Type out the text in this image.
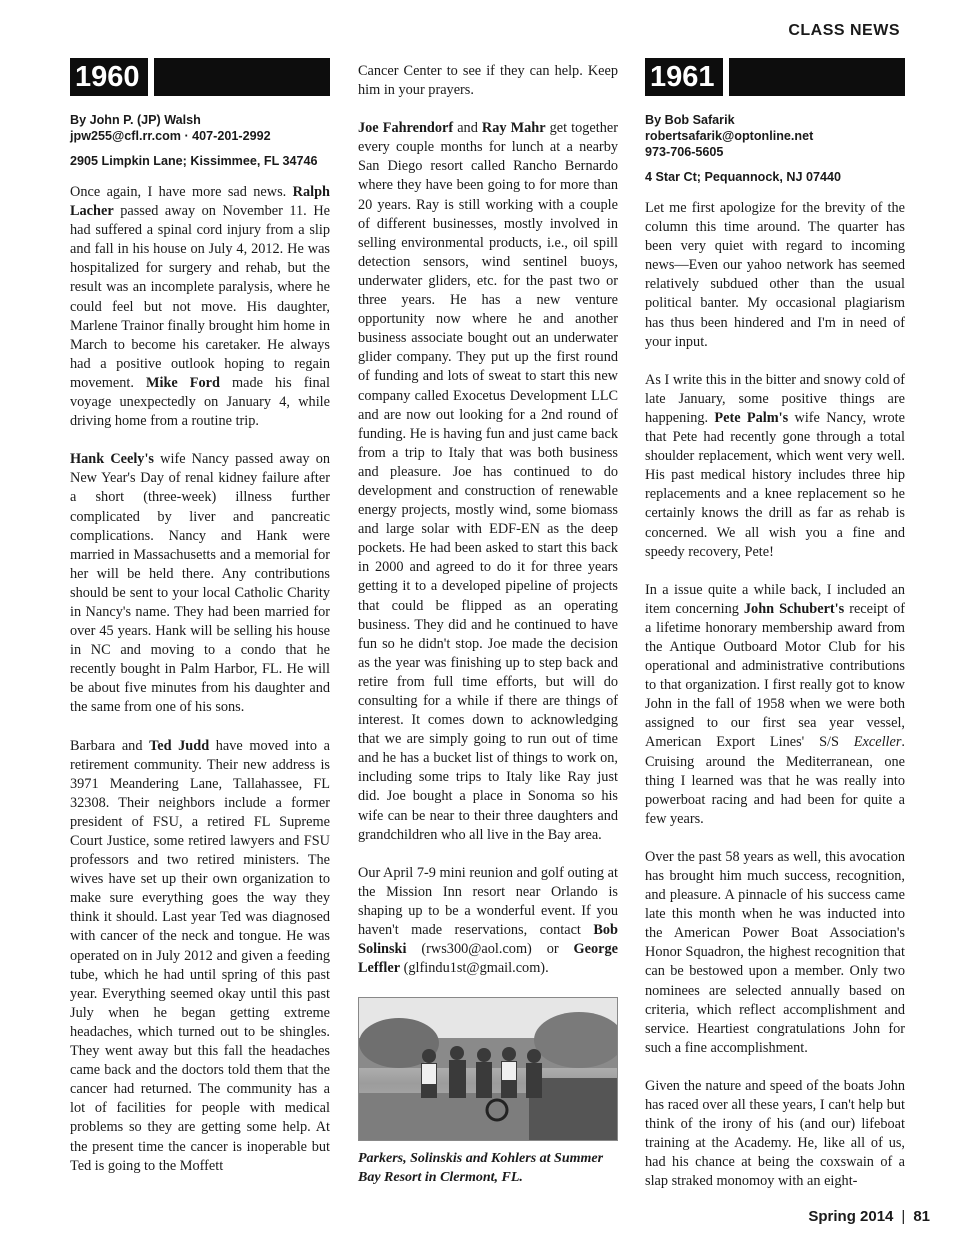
CLASS NEWS
1960
By John P. (JP) Walsh
jpw255@cfl.rr.com · 407-201-2992
2905 Limpkin Lane; Kissimmee, FL 34746

Once again, I have more sad news. Ralph Lacher passed away on November 11. He had suffered a spinal cord injury from a slip and fall in his house on July 4, 2012. He was hospitalized for surgery and rehab, but the result was an incomplete paralysis, where he could feel but not move. His daughter, Marlene Trainor finally brought him home in March to become his caretaker. He always had a positive outlook hoping to regain movement. Mike Ford made his final voyage unexpectedly on January 4, while driving home from a routine trip.

Hank Ceely's wife Nancy passed away on New Year's Day of renal kidney failure after a short (three-week) illness further complicated by liver and pancreatic complications. Nancy and Hank were married in Massachusetts and a memorial for her will be held there. Any contributions should be sent to your local Catholic Charity in Nancy's name. They had been married for over 45 years. Hank will be selling his house in NC and moving to a condo that he recently bought in Palm Harbor, FL. He will be about five minutes from his daughter and the same from one of his sons.

Barbara and Ted Judd have moved into a retirement community. Their new address is 3971 Meandering Lane, Tallahassee, FL 32308. Their neighbors include a former president of FSU, a retired FL Supreme Court Justice, some retired lawyers and FSU professors and two retired ministers. The wives have set up their own organization to make sure everything goes the way they think it should. Last year Ted was diagnosed with cancer of the neck and tongue. He was operated on in July 2012 and given a feeding tube, which he had until spring of this past year. Everything seemed okay until this past July when he began getting extreme headaches, which turned out to be shingles. They went away but this fall the headaches came back and the doctors told them that the cancer had returned. The community has a lot of facilities for people with medical problems so they are getting some help. At the present time the cancer is inoperable but Ted is going to the Moffett

Cancer Center to see if they can help. Keep him in your prayers.

Joe Fahrendorf and Ray Mahr get together every couple months for lunch at a nearby San Diego resort called Rancho Bernardo where they have been going to for more than 20 years. Ray is still working with a couple of different businesses, mostly involved in selling environmental products, i.e., oil spill detection sensors, wind sentinel buoys, underwater gliders, etc. for the past two or three years. He has a new venture opportunity now where he and another business associate bought out an underwater glider company. They put up the first round of funding and lots of sweat to start this new company called Exocetus Development LLC and are now out looking for a 2nd round of funding. He is having fun and just came back from a trip to Italy that was both business and pleasure. Joe has continued to do development and construction of renewable energy projects, mostly wind, some biomass and large solar with EDF-EN as the deep pockets. He had been asked to start this back in 2000 and agreed to do it for three years getting it to a developed pipeline of projects that could be flipped as an operating business. They did and he continued to have fun so he didn't stop. Joe made the decision as the year was finishing up to step back and retire from full time efforts, but will do consulting for a while if there are things of interest. It comes down to acknowledging that we are simply going to run out of time and he has a bucket list of things to work on, including some trips to Italy like Ray just did. Joe bought a place in Sonoma so his wife can be near to their three daughters and grandchildren who all live in the Bay area.

Our April 7-9 mini reunion and golf outing at the Mission Inn resort near Orlando is shaping up to be a wonderful event. If you haven't made reservations, contact Bob Solinski (rws300@aol.com) or George Leffler (glfindu1st@gmail.com).

Parkers, Solinskis and Kohlers at Summer Bay Resort in Clermont, FL.
1961
By Bob Safarik
robertsafarik@optonline.net
973-706-5605
4 Star Ct; Pequannock, NJ 07440

Let me first apologize for the brevity of the column this time around. The quarter has been very quiet with regard to incoming news—Even our yahoo network has seemed relatively subdued other than the usual political banter. My occasional plagiarism has thus been hindered and I'm in need of your input.

As I write this in the bitter and snowy cold of late January, some positive things are happening. Pete Palm's wife Nancy, wrote that Pete had recently gone through a total shoulder replacement, which went very well. His past medical history includes three hip replacements and a knee replacement so he certainly knows the drill as far as rehab is concerned. We all wish you a fine and speedy recovery, Pete!

In a issue quite a while back, I included an item concerning John Schubert's receipt of a lifetime honorary membership award from the Antique Outboard Motor Club for his operational and administrative contributions to that organization. I first really got to know John in the fall of 1958 when we were both assigned to our first sea year vessel, American Export Lines' S/S Exceller. Cruising around the Mediterranean, one thing I learned was that he was really into powerboat racing and had been for quite a few years.

Over the past 58 years as well, this avocation has brought him much success, recognition, and pleasure. A pinnacle of his success came late this month when he was inducted into the American Power Boat Association's Honor Squadron, the highest recognition that can be bestowed upon a member. Only two nominees are selected annually based on criteria, which reflect accomplishment and service. Heartiest congratulations John for such a fine accomplishment.

Given the nature and speed of the boats John has raced over all these years, I can't help but think of the irony of his (and our) lifeboat training at the Academy. He, like all of us, had his chance at being the coxswain of a slap straked monomoy with an eight-

Spring 2014 | 81
